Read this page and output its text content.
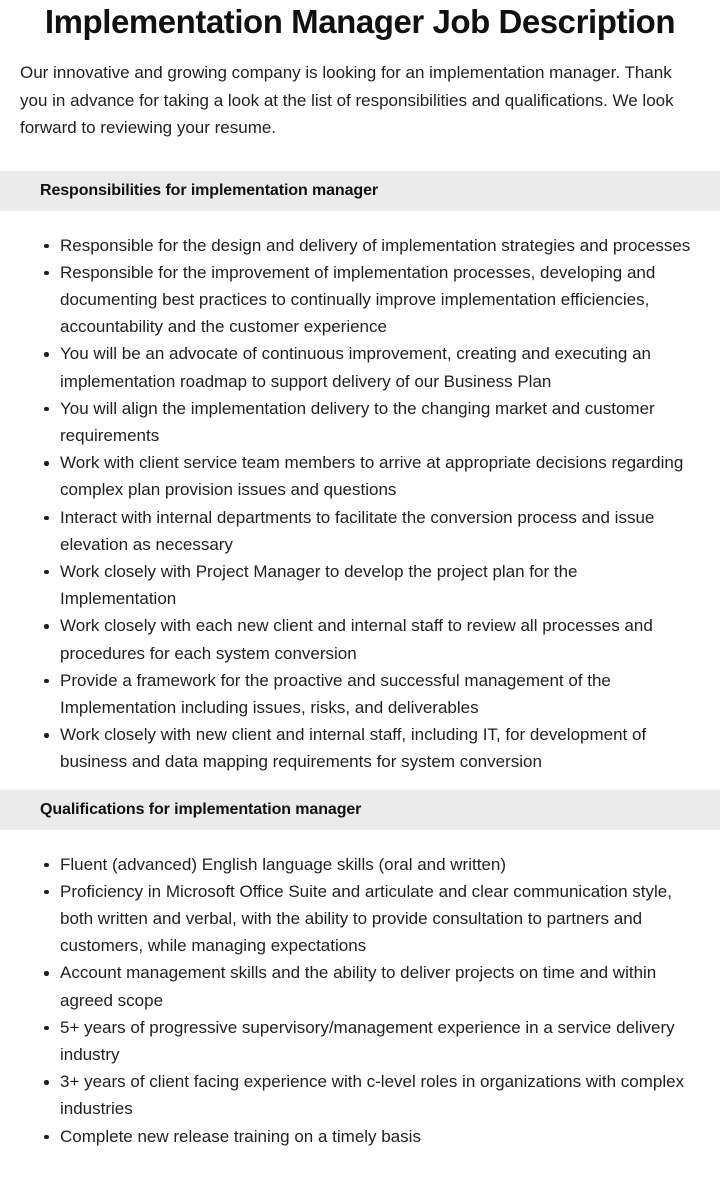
Implementation Manager Job Description

Our innovative and growing company is looking for an implementation manager. Thank you in advance for taking a look at the list of responsibilities and qualifications. We look forward to reviewing your resume.

Responsibilities for implementation manager
Responsible for the design and delivery of implementation strategies and processes
Responsible for the improvement of implementation processes, developing and documenting best practices to continually improve implementation efficiencies, accountability and the customer experience
You will be an advocate of continuous improvement, creating and executing an implementation roadmap to support delivery of our Business Plan
You will align the implementation delivery to the changing market and customer requirements
Work with client service team members to arrive at appropriate decisions regarding complex plan provision issues and questions
Interact with internal departments to facilitate the conversion process and issue elevation as necessary
Work closely with Project Manager to develop the project plan for the Implementation
Work closely with each new client and internal staff to review all processes and procedures for each system conversion
Provide a framework for the proactive and successful management of the Implementation including issues, risks, and deliverables
Work closely with new client and internal staff, including IT, for development of business and data mapping requirements for system conversion
Qualifications for implementation manager
Fluent (advanced) English language skills (oral and written)
Proficiency in Microsoft Office Suite and articulate and clear communication style, both written and verbal, with the ability to provide consultation to partners and customers, while managing expectations
Account management skills and the ability to deliver projects on time and within agreed scope
5+ years of progressive supervisory/management experience in a service delivery industry
3+ years of client facing experience with c-level roles in organizations with complex industries
Complete new release training on a timely basis
